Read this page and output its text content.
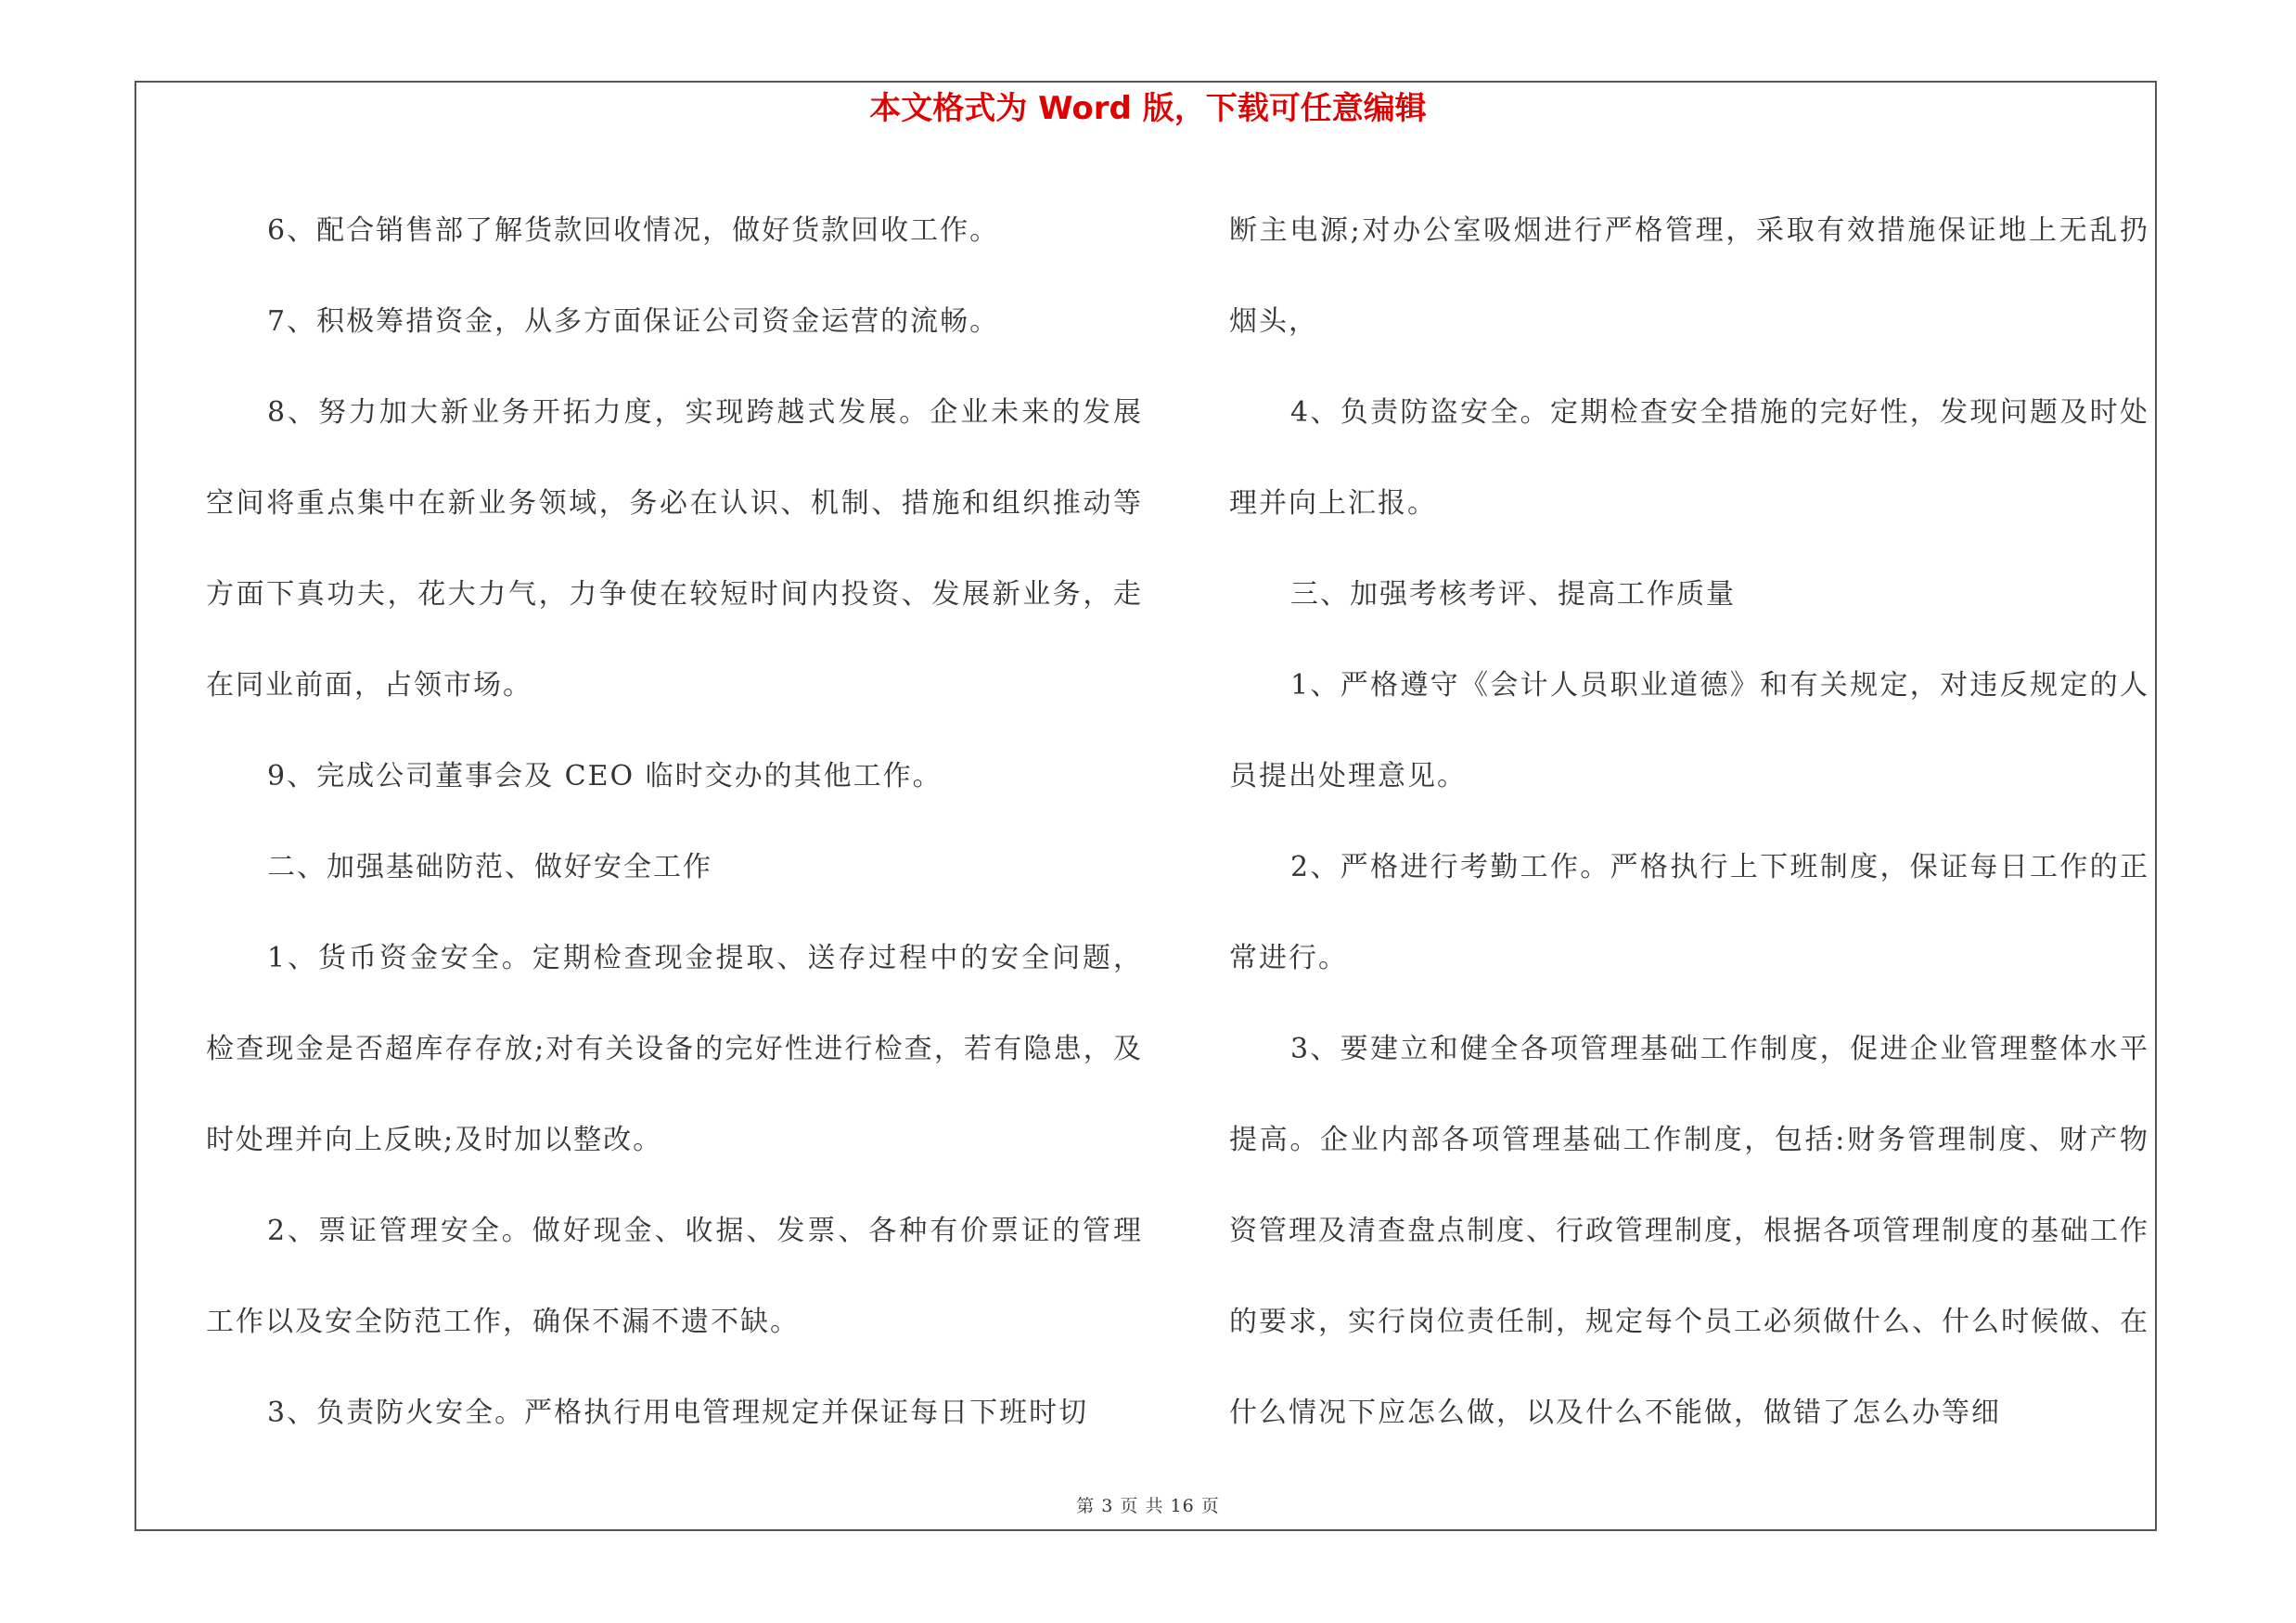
本文格式为 Word 版，下载可任意编辑

6、配合销售部了解货款回收情况，做好货款回收工作。

7、积极筹措资金，从多方面保证公司资金运营的流畅。

8、努力加大新业务开拓力度，实现跨越式发展。企业未来的发展空间将重点集中在新业务领域，务必在认识、机制、措施和组织推动等方面下真功夫，花大力气，力争使在较短时间内投资、发展新业务，走在同业前面，占领市场。

9、完成公司董事会及 CEO 临时交办的其他工作。

二、加强基础防范、做好安全工作

1、货币资金安全。定期检查现金提取、送存过程中的安全问题，检查现金是否超库存存放;对有关设备的完好性进行检查，若有隐患，及时处理并向上反映;及时加以整改。

2、票证管理安全。做好现金、收据、发票、各种有价票证的管理工作以及安全防范工作，确保不漏不遗不缺。

3、负责防火安全。严格执行用电管理规定并保证每日下班时切

断主电源;对办公室吸烟进行严格管理，采取有效措施保证地上无乱扔烟头，

4、负责防盗安全。定期检查安全措施的完好性，发现问题及时处理并向上汇报。

三、加强考核考评、提高工作质量

1、严格遵守《会计人员职业道德》和有关规定，对违反规定的人员提出处理意见。

2、严格进行考勤工作。严格执行上下班制度，保证每日工作的正常进行。

3、要建立和健全各项管理基础工作制度，促进企业管理整体水平提高。企业内部各项管理基础工作制度，包括:财务管理制度、财产物资管理及清查盘点制度、行政管理制度，根据各项管理制度的基础工作的要求，实行岗位责任制，规定每个员工必须做什么、什么时候做、在什么情况下应怎么做，以及什么不能做，做错了怎么办等细

第 3 页 共 16 页
